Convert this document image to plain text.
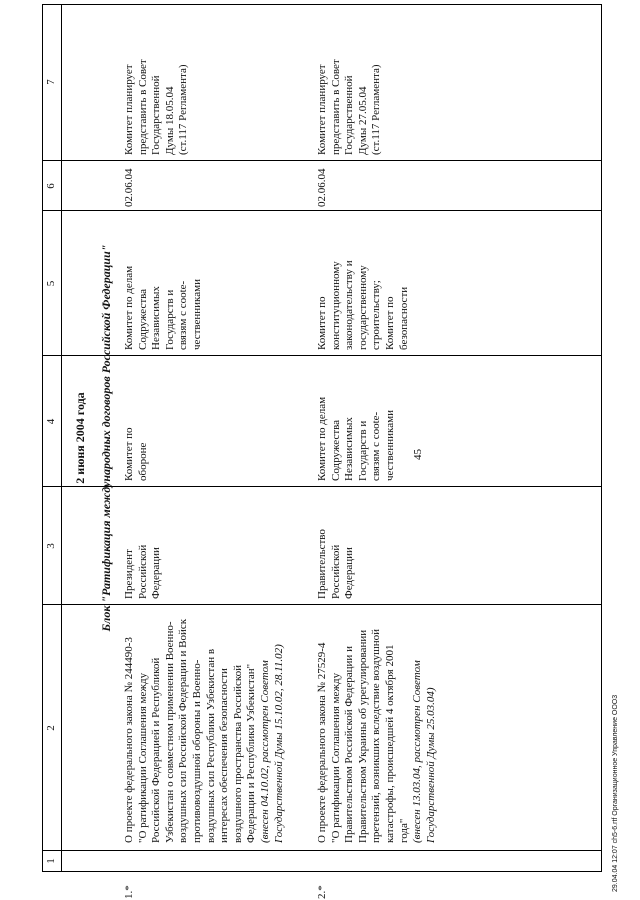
45
1
2
3
4
5
6
7
2 июня 2004 года Блок "Ратификация международных договоров Российской Федерации"
1.*
О проекте федерального закона № 244490-3 "О ратификации Соглашения между Российской Федерацией и Республикой Узбекистан о совместном применении Военно- воздушных сил Российской Федерации и Войск противовоздушной обороны и Военно- воздушных сил Республики Узбекистан в интересах обеспечения безопасности воздушного пространства Российской Федерации и Республики Узбекистан" (внесен 04.10.02, рассмотрен Советом Государственной Думы 15.10.02, 28.11.02)
Президент Российской Федерации
Комитет по обороне
Комитет по делам Содружества Независимых Государств и связям с соote- чественниками
02.06.04
Комитет планирует представить в Совет Государственной Думы 18.05.04 (ст.117 Регламента)
2.*
О проекте федерального закона № 27529-4 "О ратификации Соглашения между Правительством Российской Федерации и Правительством Украины об урегулировании претензий, возникших вследствие воздушной катастрофы, происшедшей 4 октября 2001 года" (внесен 13.03.04, рассмотрен Советом Государственной Думы 25.03.04)
Правительство Российской Федерации
Комитет по делам Содружества Независимых Государств и связям с соote- чественниками
Комитет по конституционному законодательству и государственному строительству; Комитет по безопасности
02.06.04
Комитет планирует представить в Совет Государственной Думы 27.05.04 (ст.117 Регламента)
29.04.04 12:07 ch5-6.rtf Организационное Управление ООО3
